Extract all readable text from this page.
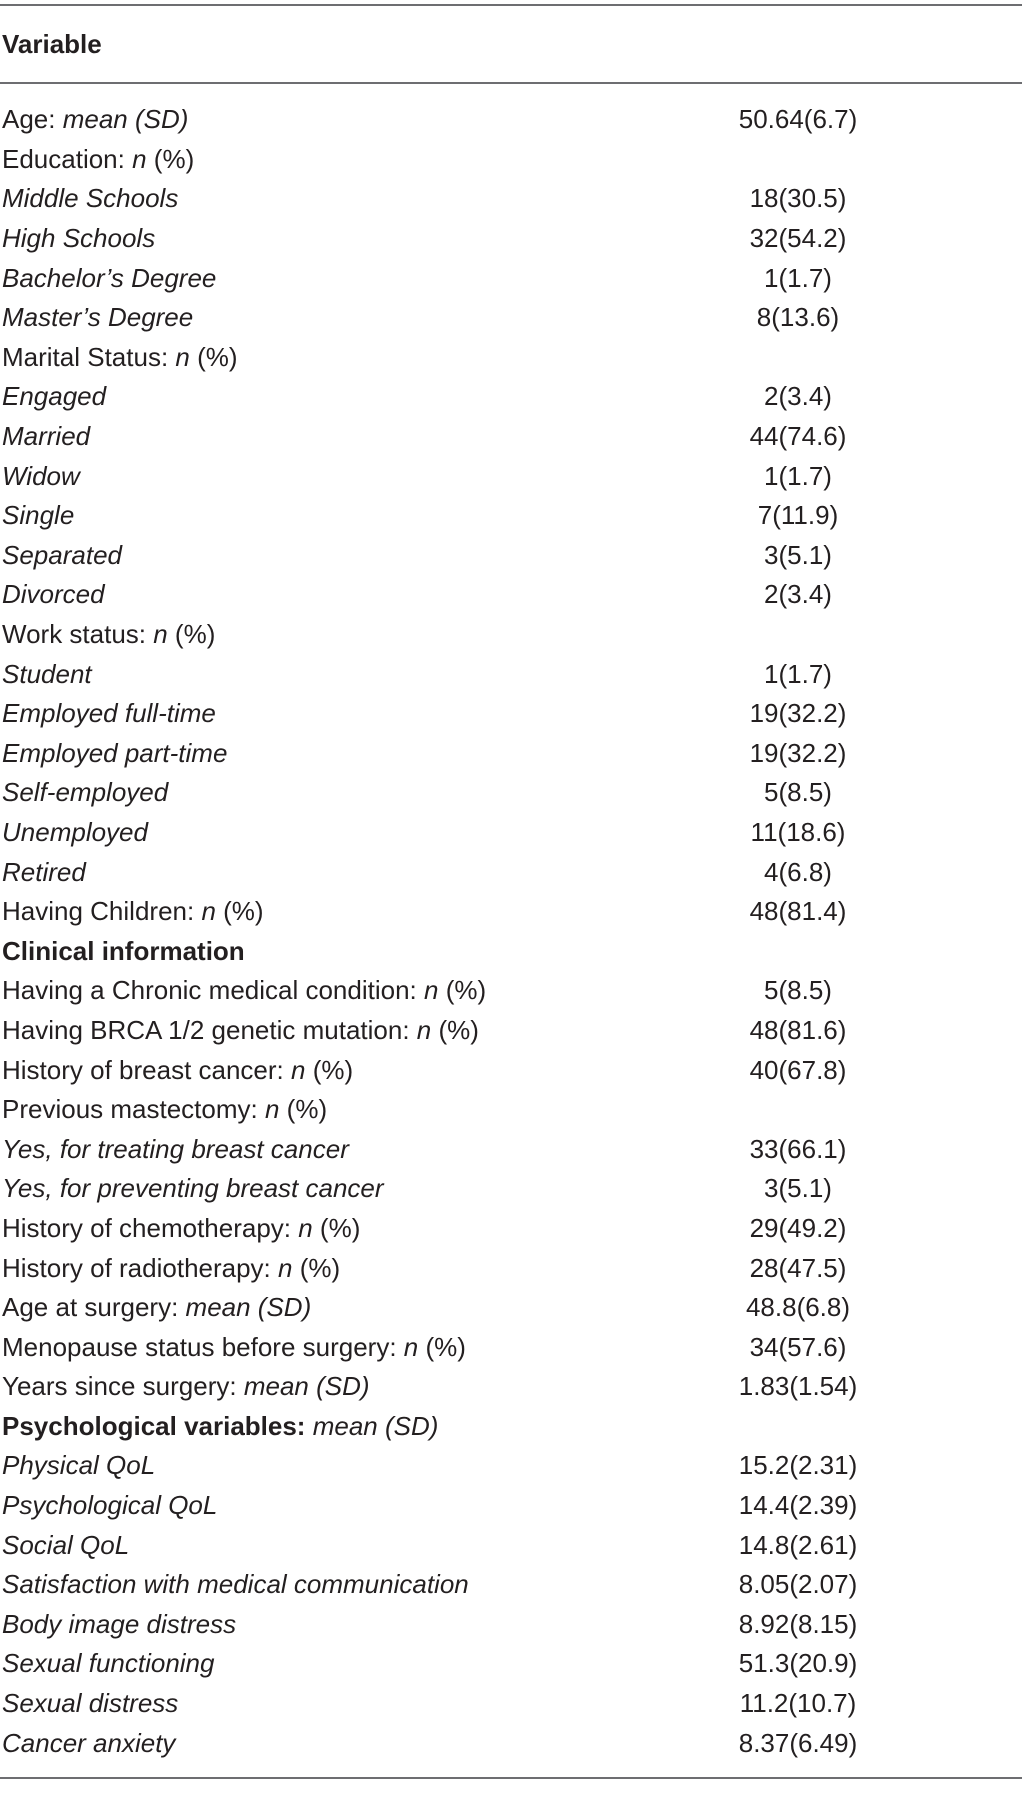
Variable
Age: mean (SD)	50.64(6.7)
Education: n (%)
Middle Schools	18(30.5)
High Schools	32(54.2)
Bachelor’s Degree	1(1.7)
Master’s Degree	8(13.6)
Marital Status: n (%)
Engaged	2(3.4)
Married	44(74.6)
Widow	1(1.7)
Single	7(11.9)
Separated	3(5.1)
Divorced	2(3.4)
Work status: n (%)
Student	1(1.7)
Employed full-time	19(32.2)
Employed part-time	19(32.2)
Self-employed	5(8.5)
Unemployed	11(18.6)
Retired	4(6.8)
Having Children: n (%)	48(81.4)
Clinical information
Having a Chronic medical condition: n (%)	5(8.5)
Having BRCA 1/2 genetic mutation: n (%)	48(81.6)
History of breast cancer: n (%)	40(67.8)
Previous mastectomy: n (%)
Yes, for treating breast cancer	33(66.1)
Yes, for preventing breast cancer	3(5.1)
History of chemotherapy: n (%)	29(49.2)
History of radiotherapy: n (%)	28(47.5)
Age at surgery: mean (SD)	48.8(6.8)
Menopause status before surgery: n (%)	34(57.6)
Years since surgery: mean (SD)	1.83(1.54)
Psychological variables: mean (SD)
Physical QoL	15.2(2.31)
Psychological QoL	14.4(2.39)
Social QoL	14.8(2.61)
Satisfaction with medical communication	8.05(2.07)
Body image distress	8.92(8.15)
Sexual functioning	51.3(20.9)
Sexual distress	11.2(10.7)
Cancer anxiety	8.37(6.49)
